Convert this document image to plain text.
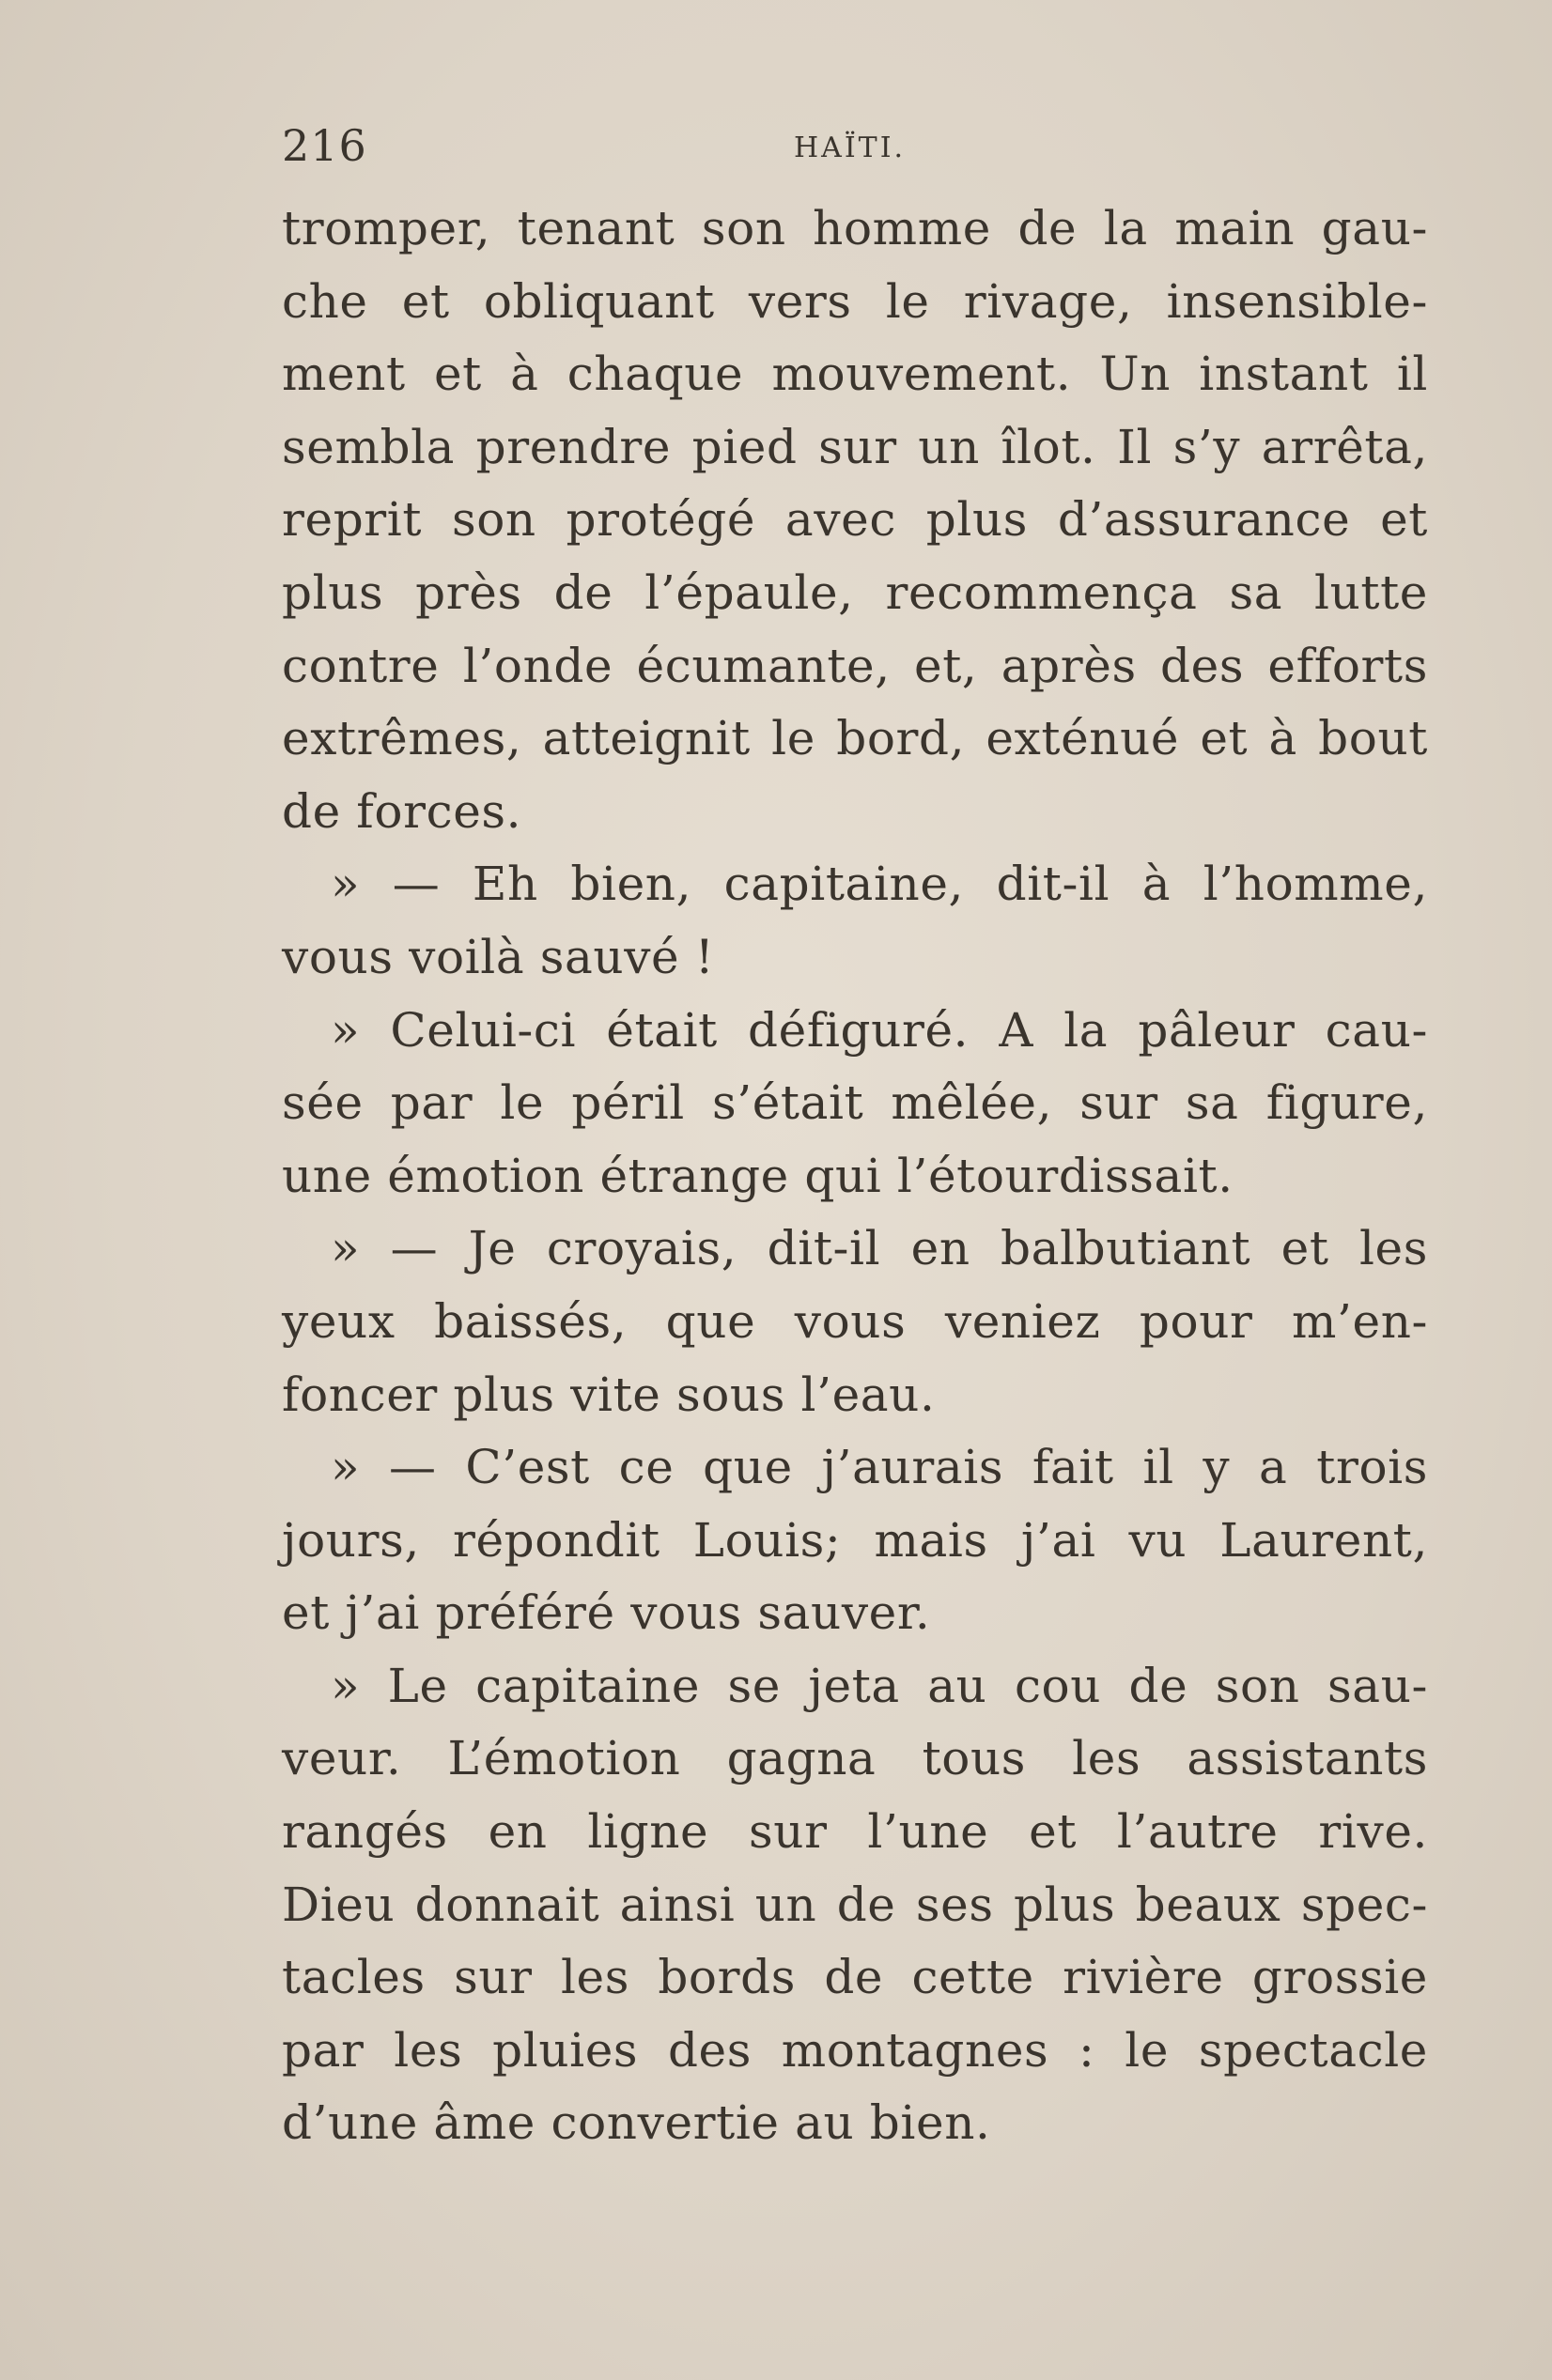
216	HAÏTI.
tromper, tenant son homme de la main gau-
che et obliquant vers le rivage, insensible-
ment et à chaque mouvement. Un instant il
sembla prendre pied sur un îlot. Il s’y arrêta,
reprit son protégé avec plus d’assurance et
plus près de l’épaule, recommença sa lutte
contre l’onde écumante, et, après des efforts
extrêmes, atteignit le bord, exténué et à bout
de forces.
» — Eh bien, capitaine, dit-il à l’homme,
vous voilà sauvé !
» Celui-ci était défiguré. A la pâleur cau-
sée par le péril s’était mêlée, sur sa figure,
une émotion étrange qui l’étourdissait.
» — Je croyais, dit-il en balbutiant et les
yeux baissés, que vous veniez pour m’en-
foncer plus vite sous l’eau.
» — C’est ce que j’aurais fait il y a trois
jours, répondit Louis; mais j’ai vu Laurent,
et j’ai préféré vous sauver.
» Le capitaine se jeta au cou de son sau-
veur. L’émotion gagna tous les assistants
rangés en ligne sur l’une et l’autre rive.
Dieu donnait ainsi un de ses plus beaux spec-
tacles sur les bords de cette rivière grossie
par les pluies des montagnes : le spectacle
d’une âme convertie au bien.
